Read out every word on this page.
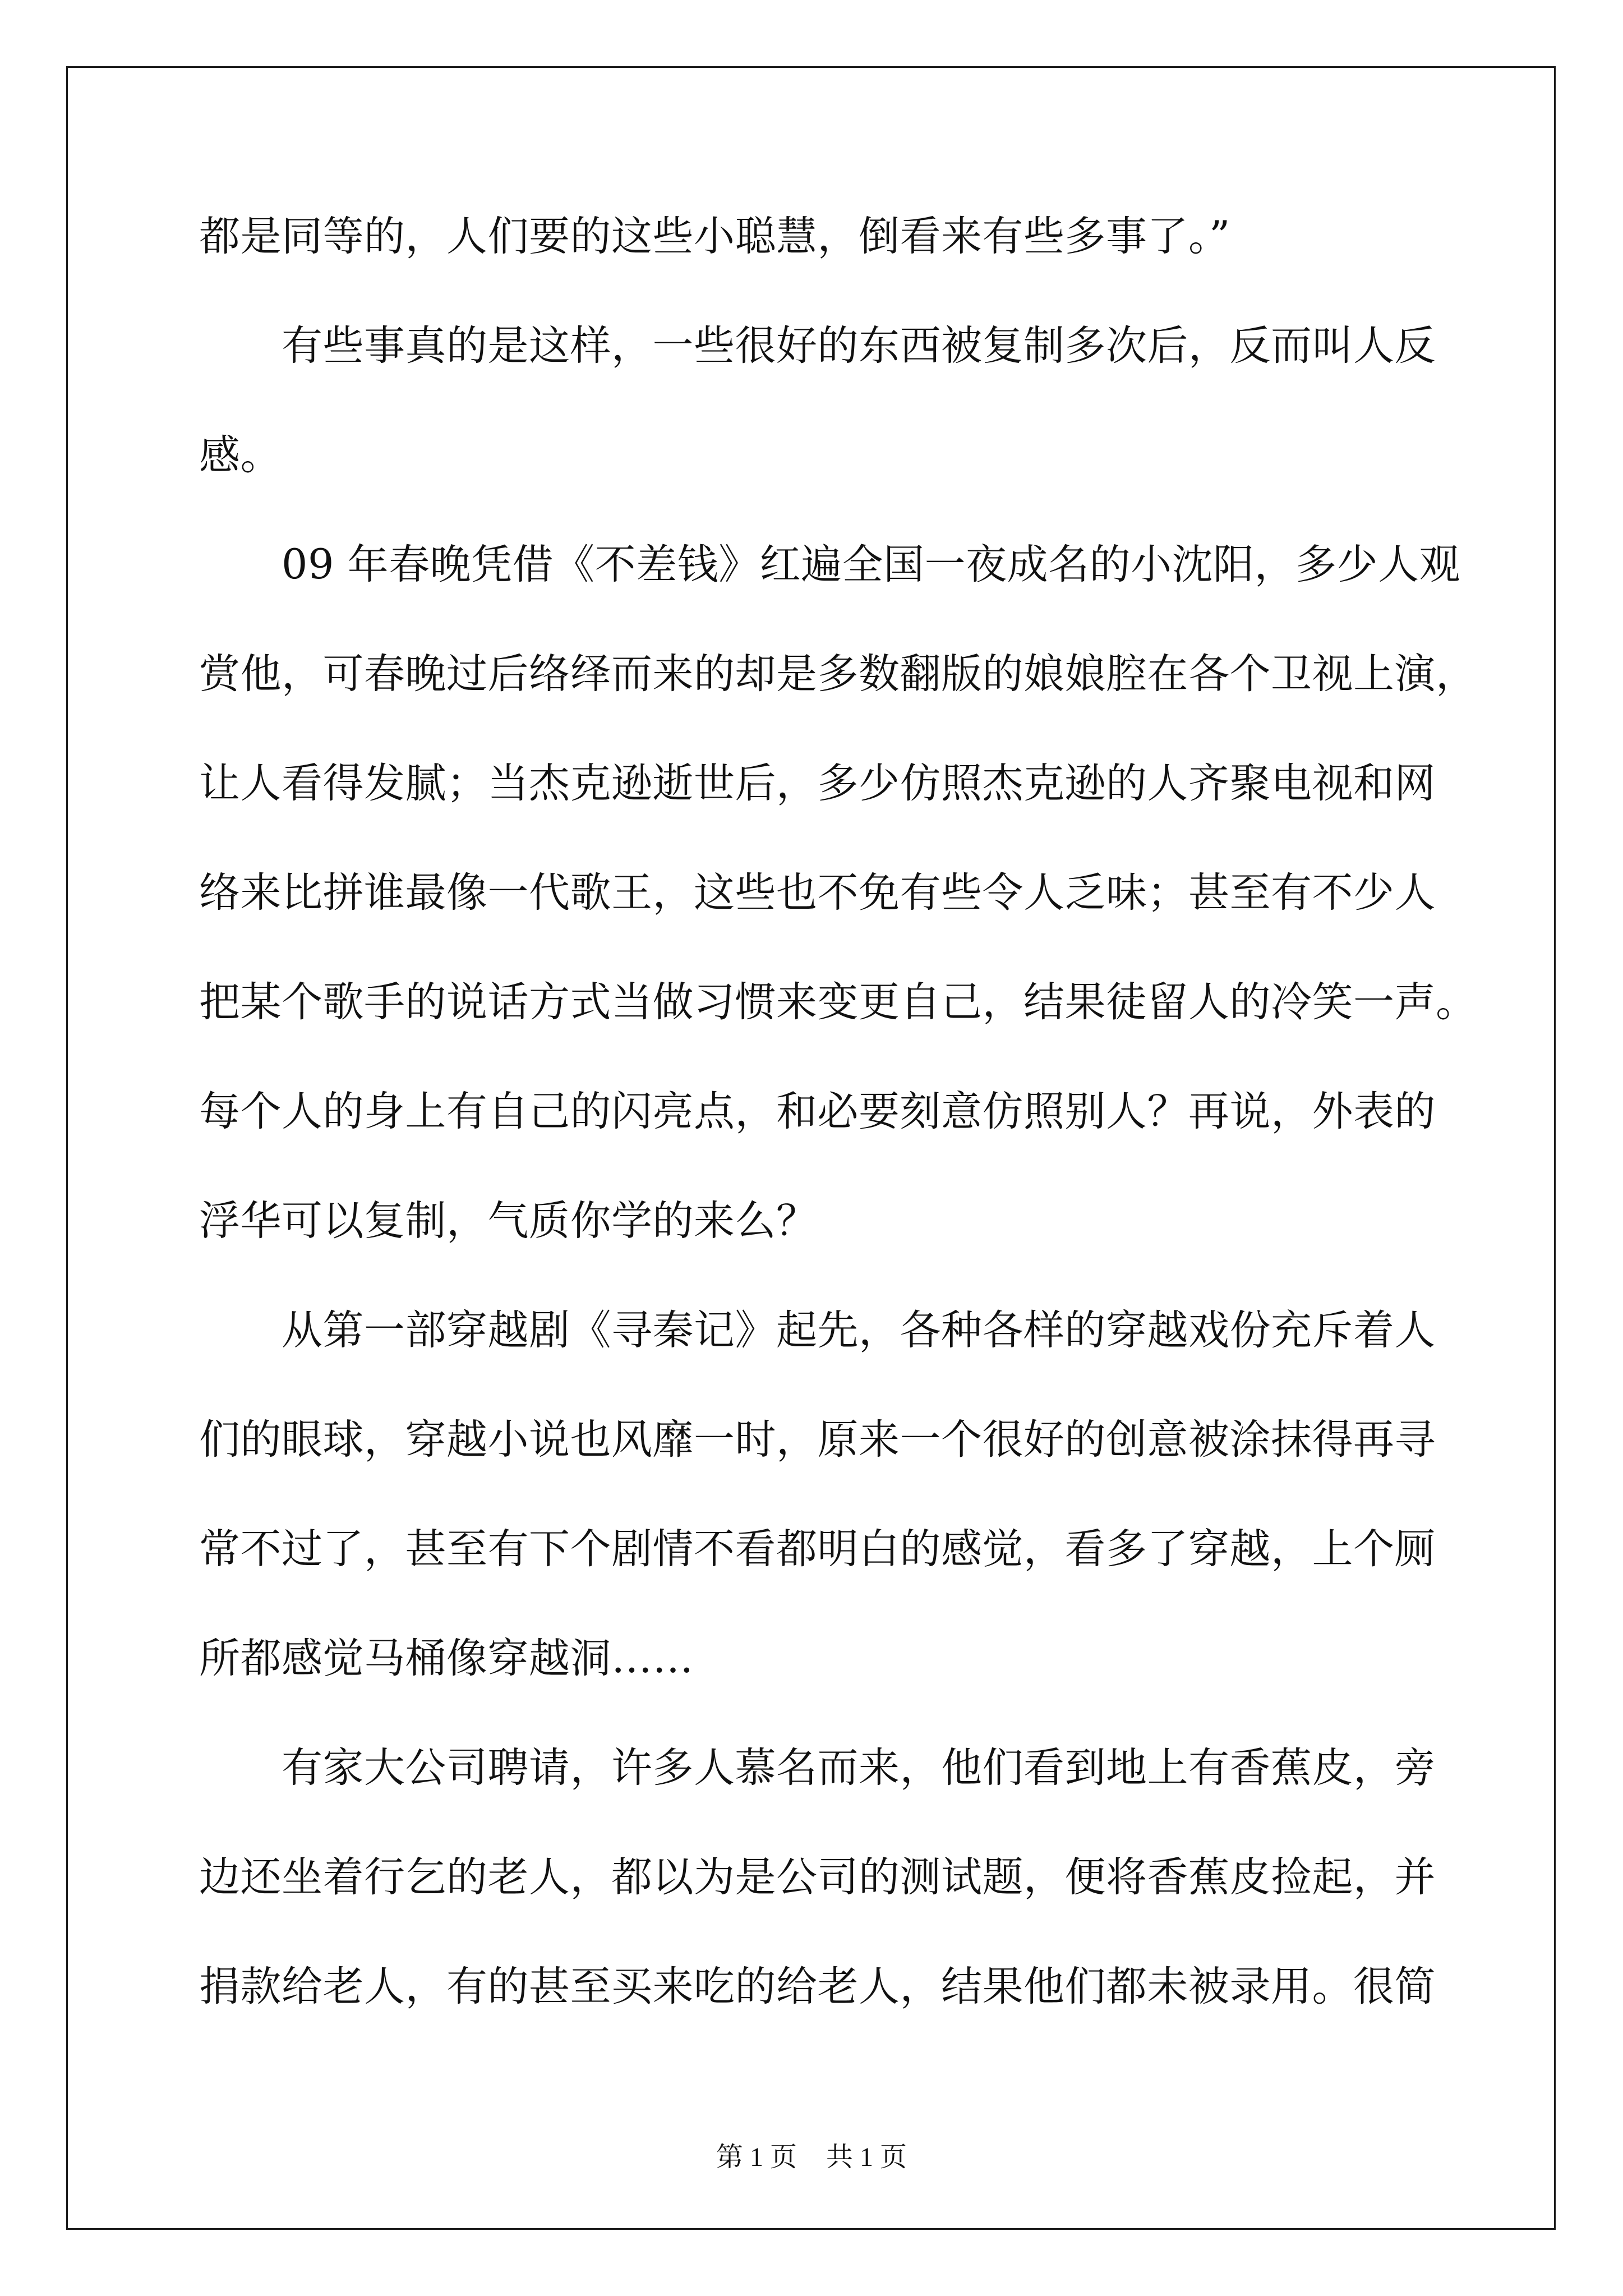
都是同等的，人们要的这些小聪慧，倒看来有些多事了。”
有些事真的是这样，一些很好的东西被复制多次后，反而叫人反
感。
09 年春晚凭借《不差钱》红遍全国一夜成名的小沈阳，多少人观
赏他，可春晚过后络绎而来的却是多数翻版的娘娘腔在各个卫视上演，
让人看得发腻；当杰克逊逝世后，多少仿照杰克逊的人齐聚电视和网
络来比拼谁最像一代歌王，这些也不免有些令人乏味；甚至有不少人
把某个歌手的说话方式当做习惯来变更自己，结果徒留人的冷笑一声。
每个人的身上有自己的闪亮点，和必要刻意仿照别人？再说，外表的
浮华可以复制，气质你学的来么？
从第一部穿越剧《寻秦记》起先，各种各样的穿越戏份充斥着人
们的眼球，穿越小说也风靡一时，原来一个很好的创意被涂抹得再寻
常不过了，甚至有下个剧情不看都明白的感觉，看多了穿越，上个厕
所都感觉马桶像穿越洞……
有家大公司聘请，许多人慕名而来，他们看到地上有香蕉皮，旁
边还坐着行乞的老人，都以为是公司的测试题，便将香蕉皮捡起，并
捐款给老人，有的甚至买来吃的给老人，结果他们都未被录用。很简
第 1 页 共 1 页
